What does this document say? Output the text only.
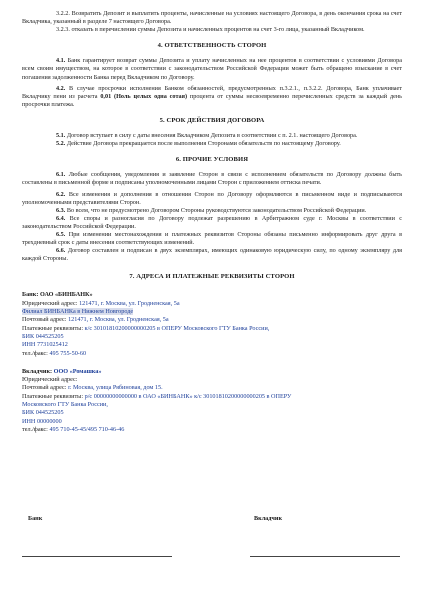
3.2.2. Возвратить Депозит и выплатить проценты, начисленные на условиях настоящего Договора, в день окончания срока на счет Вкладчика, указанный в разделе 7 настоящего Договора.

3.2.3. отказать в перечислении суммы Депозита и начисленных процентов на счет 3-го лица, указанный Вкладчиком.

4. ОТВЕТСТВЕННОСТЬ СТОРОН

4.1. Банк гарантирует возврат суммы Депозита и уплату начисленных на нее процентов в соответствии с условиями Договора всем своим имуществом, на которое в соответствии с законодательством Российской Федерации может быть обращено взыскание в счет погашения задолженности Банка перед Вкладчиком по Договору.

4.2. В случае просрочки исполнения Банком обязанностей, предусмотренных п.3.2.1., п.3.2.2. Договора, Банк уплачивает Вкладчику пени из расчета 0,01 (Ноль целых одна сотая) процента от суммы несвоевременно перечисленных средств за каждый день просрочки платежа.

5. СРОК ДЕЙСТВИЯ ДОГОВОРА

5.1. Договор вступает в силу с даты внесения Вкладчиком Депозита в соответствии с п. 2.1. настоящего Договора.

5.2. Действие Договора прекращается после выполнения Сторонами обязательств по настоящему Договору.

6. ПРОЧИЕ УСЛОВИЯ

6.1. Любые сообщения, уведомления и заявление Сторон в связи с исполнением обязательств по Договору должны быть составлены в письменной форме и подписаны уполномоченными лицами Сторон с приложением оттиска печати.

6.2. Все изменения и дополнения в отношения Сторон по Договору оформляются в письменном виде и подписываются уполномоченными представителями Сторон.

6.3. Во всем, что не предусмотрено Договором Стороны руководствуются законодательством Российской Федерации.

6.4. Все споры и разногласия по Договору подлежат разрешению в Арбитражном суде г. Москвы в соответствии с законодательством Российской Федерации.

6.5. При изменении местонахождения и платежных реквизитов Стороны обязаны письменно информировать друг друга в трехдневный срок с даты внесения соответствующих изменений.

6.6. Договор составлен и подписан в двух экземплярах, имеющих одинаковую юридическую силу, по одному экземпляру для каждой Стороны.

7. АДРЕСА И ПЛАТЕЖНЫЕ РЕКВИЗИТЫ СТОРОН
Банк: ОАО «БИНБАНК»
Юридический адрес: 121471, г. Москва, ул. Гродненская, 5а
Филиал БИНБАНКа в Нижнем Новгороде
Почтовый адрес: 121471, г. Москва, ул. Гродненская, 5а
Платежные реквизиты: к/с 30101810200000000205 в ОПЕРУ Московского ГТУ Банка России,
БИК 044525205
ИНН 7731025412
тел./факс: 495 755-50-60
Вкладчик: ООО «Ромашка»
Юридический адрес:
Почтовый адрес: г. Москва, улица Рябиновая, дом 15.
Платежные реквизиты: р/с 00000000000000 в ОАО «БИНБАНК» к/с 30101810200000000205 в ОПЕРУ
Московского ГТУ Банка России,
БИК 044525205
ИНН 00000000
тел./факс: 495 710-45-45/495 710-46-46
Банк	Вкладчик
